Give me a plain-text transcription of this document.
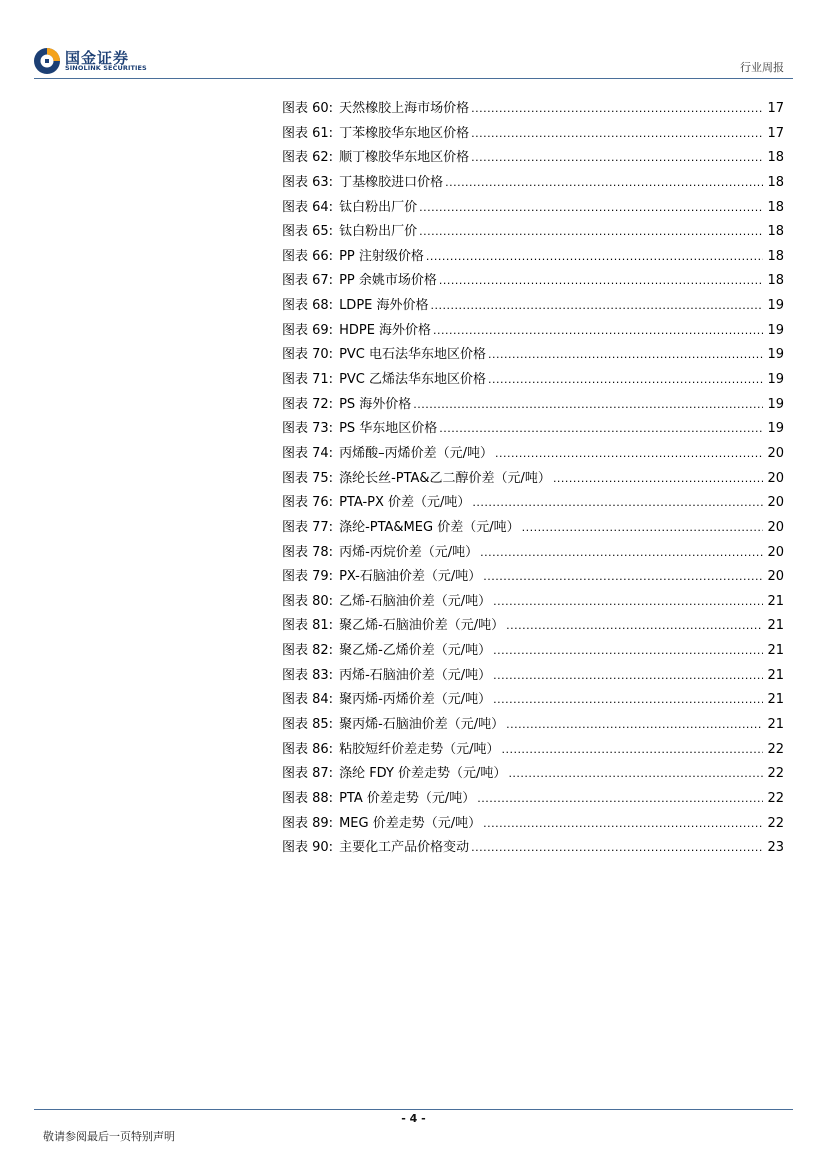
国金证券
SINOLINK SECURITIES	行业周报
图表 60: 天然橡胶上海市场价格 .....	17
图表 61: 丁苯橡胶华东地区价格 .....	17
图表 62: 顺丁橡胶华东地区价格 .....	18
图表 63: 丁基橡胶进口价格 .....	18
图表 64: 钛白粉出厂价 .....	18
图表 65: 钛白粉出厂价 .....	18
图表 66: PP 注射级价格 .....	18
图表 67: PP 余姚市场价格 .....	18
图表 68: LDPE 海外价格 .....	19
图表 69: HDPE 海外价格 .....	19
图表 70: PVC 电石法华东地区价格 .....	19
图表 71: PVC 乙烯法华东地区价格 .....	19
图表 72: PS 海外价格 .....	19
图表 73: PS 华东地区价格 .....	19
图表 74: 丙烯酸–丙烯价差（元/吨） .....	20
图表 75: 涤纶长丝-PTA&乙二醇价差（元/吨） .....	20
图表 76: PTA-PX 价差（元/吨） .....	20
图表 77: 涤纶-PTA&MEG 价差（元/吨） .....	20
图表 78: 丙烯-丙烷价差（元/吨） .....	20
图表 79: PX-石脑油价差（元/吨） .....	20
图表 80: 乙烯-石脑油价差（元/吨） .....	21
图表 81: 聚乙烯-石脑油价差（元/吨） .....	21
图表 82: 聚乙烯-乙烯价差（元/吨） .....	21
图表 83: 丙烯-石脑油价差（元/吨） .....	21
图表 84: 聚丙烯-丙烯价差（元/吨） .....	21
图表 85: 聚丙烯-石脑油价差（元/吨） .....	21
图表 86: 粘胶短纤价差走势（元/吨） .....	22
图表 87: 涤纶 FDY 价差走势（元/吨） .....	22
图表 88: PTA 价差走势（元/吨） .....	22
图表 89: MEG 价差走势（元/吨） .....	22
图表 90: 主要化工产品价格变动 .....	23
- 4 -
敬请参阅最后一页特别声明
